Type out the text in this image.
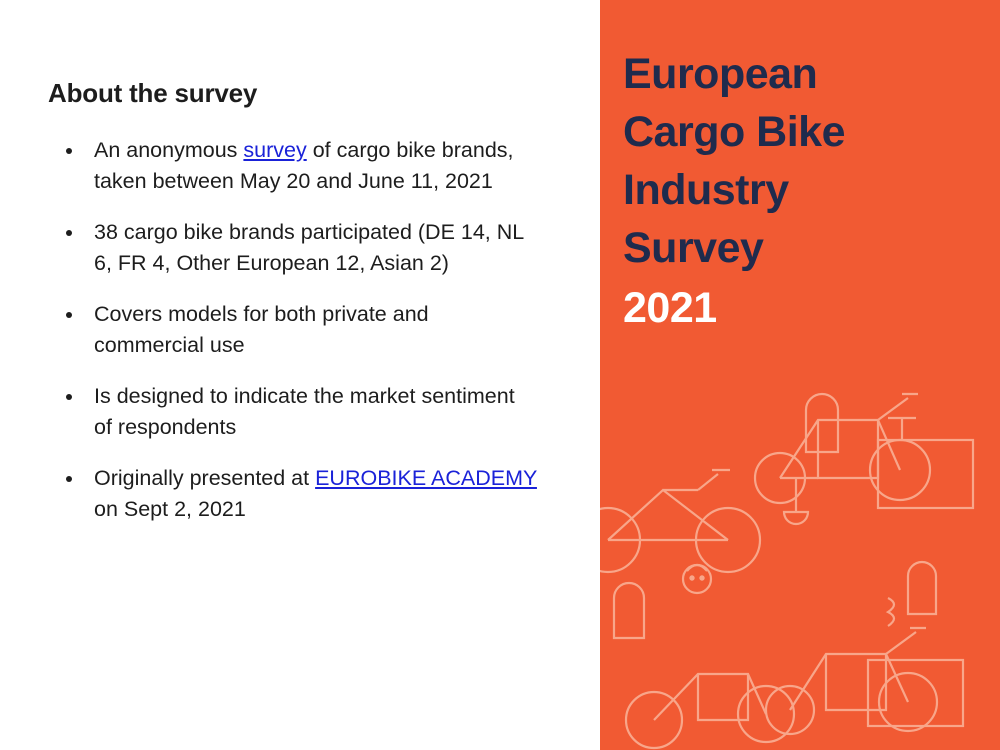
About the survey
An anonymous survey of cargo bike brands, taken between May 20 and June 11, 2021
38 cargo bike brands participated (DE 14, NL 6, FR 4, Other European 12, Asian 2)
Covers models for both private and commercial use
Is designed to indicate the market sentiment of respondents
Originally presented at EUROBIKE ACADEMY on Sept 2, 2021
European
Cargo Bike
Industry
Survey
2021
